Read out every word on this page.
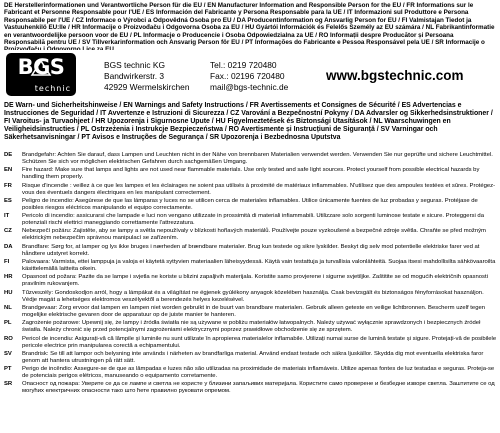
DE Herstellerinformationen und Verantwortliche Person für die EU / EN Manufacturer Information and Responsible Person for the EU / FR Informations sur le Fabricant et Personne Responsable pour l'UE / ES Información del Fabricante y Persona Responsable para la UE / IT Informazioni sul Produttore e Persona Responsabile per l'UE / CZ Informace o Výrobci a Odpovědná Osoba pro EU / DA Producentinformation og Ansvarlig Person for EU / FI Valmistajan Tiedot ja Vastuuhenkilö EU:lle / HR Informacije o Proizvođaču i Odgovorna Osoba za EU / HU Gyártói Információk és Felelős Személy az EU számára / NL Fabrikantinformatie en verantwoordelijke persoon voor de EU / PL Informacje o Producencie i Osoba Odpowiedzialna za UE / RO Informații despre Producător și Persoana Responsabilă pentru UE / SV Tillverkarinformation och Ansvarig Person för EU / PT Informações do Fabricante e Pessoa Responsável pela UE / SR Informacije o
BGS
technic
BGS technic KG
Bandwirkerstr. 3
42929 Wermelskirchen
Tel.: 0219 720480
Fax.: 02196 720480
mail@bgs-technic.de
www.bgstechnic.com
DE Warn- und Sicherheitshinweise / EN Warnings and Safety Instructions / FR Avertissements et Consignes de Sécurité / ES Advertencias e Instrucciones de Seguridad / IT Avvertenze e Istruzioni di Sicurezza / CZ Varování a Bezpečnostní Pokyny / DA Advarsler og Sikkerhedsinstruktioner / FI Varoitus- ja Turvaohjeet / HR Upozorenja i Sigurnosne Upute / HU Figyelmeztetések és Biztonsági Utasítások / NL Waarschuwingen en Veiligheidsinstructies / PL Ostrzeżenia i Instrukcje Bezpieczeństwa / RO Avertismente și Instrucțiuni de Siguranță / SV Varningar och Säkerhetsanvisningar / PT Avisos e Instruções de Segurança / SR Upozorenja i Bezbednosna Uputstva
DE	Brandgefahr: Achten Sie darauf, dass Lampen und Leuchten nicht in der Nähe von brennbaren Materialien verwendet werden. Verwenden Sie nur geprüfte und sichere Leuchtmittel. Schützen Sie sich vor möglichen elektrischen Gefahren durch sachgemäßen Umgang.
EN	Fire hazard: Make sure that lamps and lights are not used near flammable materials. Use only tested and safe light sources. Protect yourself from possible electrical hazards by handling them properly.
FR	Risque d'incendie : veillez à ce que les lampes et les éclairages ne soient pas utilisés à proximité de matériaux inflammables. N'utilisez que des ampoules testées et sûres. Protégez-vous des éventuels dangers électriques en les manipulant correctement.
ES	Peligro de incendio: Asegúrese de que las lámparas y luces no se utilicen cerca de materiales inflamables. Utilice únicamente fuentes de luz probadas y seguras. Protéjase de posibles riesgos eléctricos manipulando el equipo correctamente.
IT	Pericolo di incendio: assicurarsi che lampade e luci non vengano utilizzate in prossimità di materiali infiammabili. Utilizzare solo sorgenti luminose testate e sicure. Proteggersi da potenziali rischi elettrici maneggiando correttamente l'attrezzatura.
CZ	Nebezpečí požáru: Zajistěte, aby se lampy a světla nepoužívaly v blízkosti hořlavých materiálů. Používejte pouze vyzkoušené a bezpečné zdroje světla. Chraňte se před možným elektrickým nebezpečím správnou manipulací se zařízením.
DA	Brandfare: Sørg for, at lamper og lys ikke bruges i nærheden af brændbare materialer. Brug kun testede og sikre lyskilder. Beskyt dig selv mod potentielle elektriske farer ved at håndtere udstyret korrekt.
FI	Palovaara: Varmista, ettei lamppuja ja valoja ei käytetä syttyvien materiaalien läheisyydessä. Käytä vain testattuja ja turvallisia valonlähteitä. Suojaa itsesi mahdollisilta sähkövaaroilta käsittelemällä laitteita oikein.
HR	Opasnost od požara: Pazite da se lampe i svjetla ne koriste u blizini zapaljivih materijala. Koristite samo provjerene i sigurne svjetiljke. Zaštitite se od mogućih električnih opasnosti pravilnim rukovanjem.
HU	Tűzveszély: Gondoskodjon arról, hogy a lámpákat és a világítást ne égjenek gyúlékony anyagok közelében használja. Csak bevizsgált és biztonságos fényforrásokat használjon. Védje magát a lehetséges elektromos veszélyektől a berendezés helyes kezelésével.
NL	Brandgevaar: Zorg ervoor dat lampen en lampen niet worden gebruikt in de buurt van brandbare materialen. Gebruik alleen geteste en veilige lichtbronnen. Bescherm uzelf tegen mogelijke elektrische gevaren door de apparatuur op de juiste manier te hanteren.
PL	Zagrożenie pożarowe: Upewnij się, że lampy i źródła światła nie są używane w pobliżu materiałów łatwopalnych. Należy używać wyłącznie sprawdzonych i bezpiecznych źródeł światła. Należy chronić się przed potencjalnymi zagrożeniami elektrycznymi poprzez prawidłowe obchodzenie się ze sprzętem.
RO	Pericol de incendiu: Asigurați-vă că lămpile și luminile nu sunt utilizate în apropierea materialelor inflamabile. Utilizați numai surse de lumină testate și sigure. Protejați-vă de posibilele pericole electrice prin manipularea corectă a echipamentului.
SV	Brandrisk: Se till att lampor och belysning inte används i närheten av brandfarliga material. Använd endast testade och säkra ljuskällor. Skydda dig mot eventuella elektriska faror genom att hantera utrustningen på rätt sätt.
PT	Perigo de incêndio: Assegure-se de que as lâmpadas e luzes não são utilizadas na proximidade de materiais inflamáveis. Utilize apenas fontes de luz testadas e seguras. Proteja-se de potenciais perigos elétricos, manuseando o equipamento corretamente.
SR	Опасност од пожара: Уверите се да се лампе и светла не користе у близини запаљивих материјала. Користите само проверене и безбедне изворе светла. Заштитите се од могућих електричних опасности тако што ћете правилно руковати опремом.
